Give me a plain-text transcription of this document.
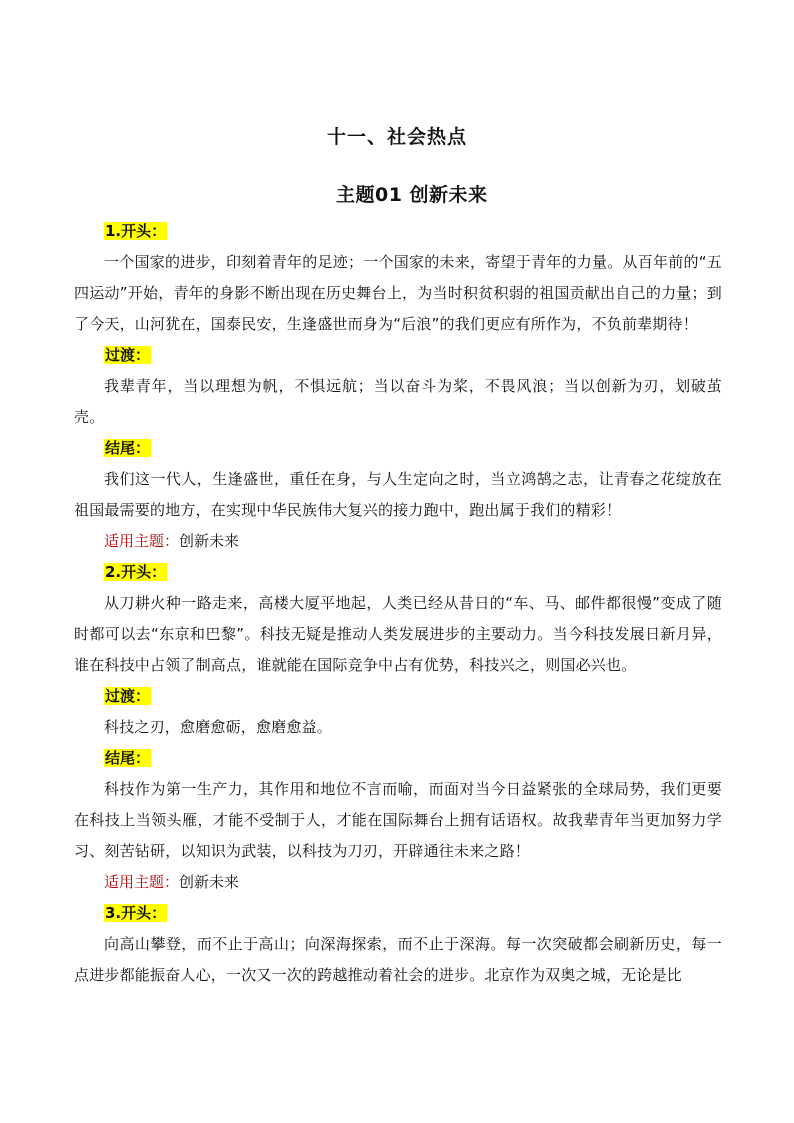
十一、社会热点
主题01 创新未来
1.开头：

一个国家的进步，印刻着青年的足迹；一个国家的未来，寄望于青年的力量。从百年前的“五四运动”开始，青年的身影不断出现在历史舞台上，为当时积贫积弱的祖国贡献出自己的力量；到了今天，山河犹在，国泰民安，生逢盛世而身为“后浪”的我们更应有所作为，不负前辈期待！

过渡：

我辈青年，当以理想为帆，不惧远航；当以奋斗为桨，不畏风浪；当以创新为刃，划破茧壳。

结尾：

我们这一代人，生逢盛世，重任在身，与人生定向之时，当立鸿鹄之志，让青春之花绽放在祖国最需要的地方，在实现中华民族伟大复兴的接力跑中，跑出属于我们的精彩！

适用主题：创新未来
2.开头：

从刀耕火种一路走来，高楼大厦平地起，人类已经从昔日的“车、马、邮件都很慢”变成了随时都可以去“东京和巴黎”。科技无疑是推动人类发展进步的主要动力。当今科技发展日新月异，谁在科技中占领了制高点，谁就能在国际竞争中占有优势，科技兴之，则国必兴也。

过渡：

科技之刃，愈磨愈砺，愈磨愈益。

结尾：

科技作为第一生产力，其作用和地位不言而喻，而面对当今日益紧张的全球局势，我们更要在科技上当领头雁，才能不受制于人，才能在国际舞台上拥有话语权。故我辈青年当更加努力学习、刻苦钻研，以知识为武装，以科技为刀刃，开辟通往未来之路！

适用主题：创新未来
3.开头：

向高山攀登，而不止于高山；向深海探索，而不止于深海。每一次突破都会刷新历史，每一点进步都能振奋人心，一次又一次的跨越推动着社会的进步。北京作为双奥之城，无论是比
